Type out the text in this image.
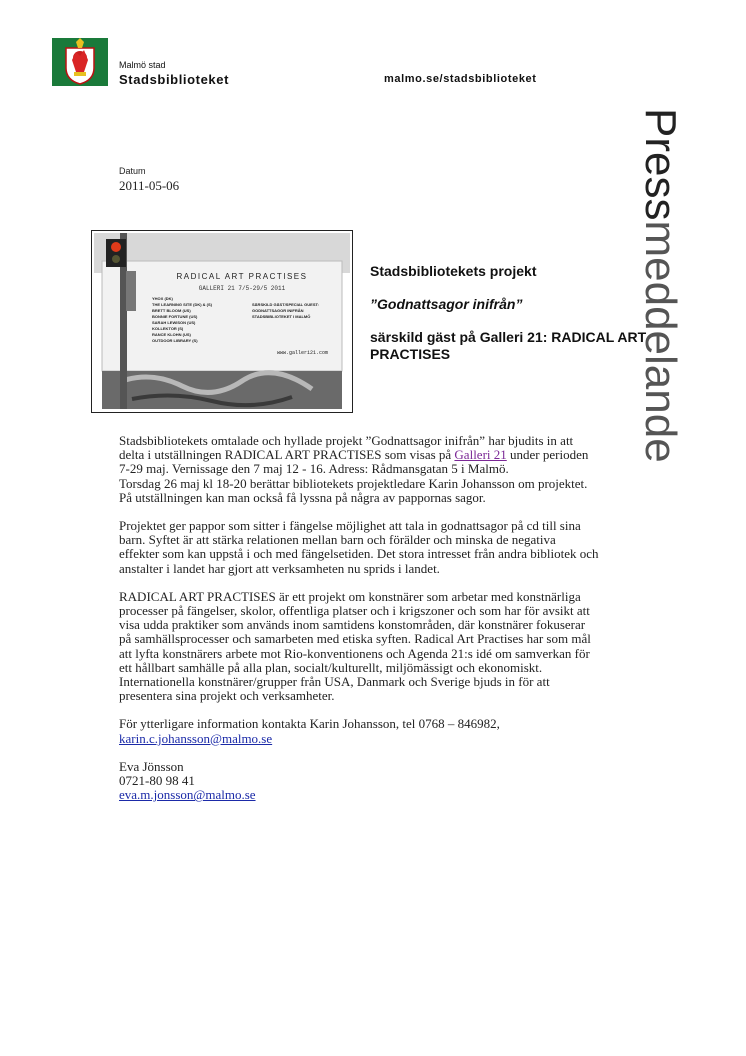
Malmö stad
Stadsbiblioteket	malmo.se/stadsbiblioteket
Pressmeddelande
Datum
2011-05-06
RADICAL ART PRACTISES
GALLERI 21 7/5-29/5 2011
YHOX (DK)
THE LEARNING SITE (DK) & (S)
BRETT BLOOM (US)
BONNIE FORTUNE (US)
SARAH LEWISON (US)
KOLLEKTOR (S)
RANCE KLOHN (US)
OUTDOOR LIBRARY (S)
SÄRSKILD GÄST/SPECIAL GUEST:
GODNATTSAGOR INIFRÅN
STADSBIBLIOTEKET I MALMÖ
www.galleri21.com

Stadsbibliotekets projekt

”Godnattsagor inifrån”

särskild gäst på Galleri 21: RADICAL ART PRACTISES

Stadsbibliotekets omtalade och hyllade projekt ”Godnattsagor inifrån” har bjudits in att delta i utställningen RADICAL ART PRACTISES som visas på Galleri 21 under perioden 7-29 maj. Vernissage den 7 maj 12 - 16. Adress: Rådmansgatan 5 i Malmö.

Torsdag 26 maj kl 18-20 berättar bibliotekets projektledare Karin Johansson om projektet. På utställningen kan man också få lyssna på några av pappornas sagor.

Projektet ger pappor som sitter i fängelse möjlighet att tala in godnattsagor på cd till sina barn. Syftet är att stärka relationen mellan barn och förälder och minska de negativa effekter som kan uppstå i och med fängelsetiden. Det stora intresset från andra bibliotek och anstalter i landet har gjort att verksamheten nu sprids i landet.

RADICAL ART PRACTISES är ett projekt om konstnärer som arbetar med konstnärliga processer på fängelser, skolor, offentliga platser och i krigszoner och som har för avsikt att visa udda praktiker som används inom samtidens konstområden, där konstnärer fokuserar på samhällsprocesser och samarbeten med etiska syften. Radical Art Practises har som mål att lyfta konstnärers arbete mot Rio-konventionens och Agenda 21:s idé om samverkan för ett hållbart samhälle på alla plan, socialt/kulturellt, miljömässigt och ekonomiskt. Internationella konstnärer/grupper från USA, Danmark och Sverige bjuds in för att presentera sina projekt och verksamheter.

För ytterligare information kontakta Karin Johansson, tel 0768 – 846982,
karin.c.johansson@malmo.se

Eva Jönsson
0721-80 98 41
eva.m.jonsson@malmo.se
